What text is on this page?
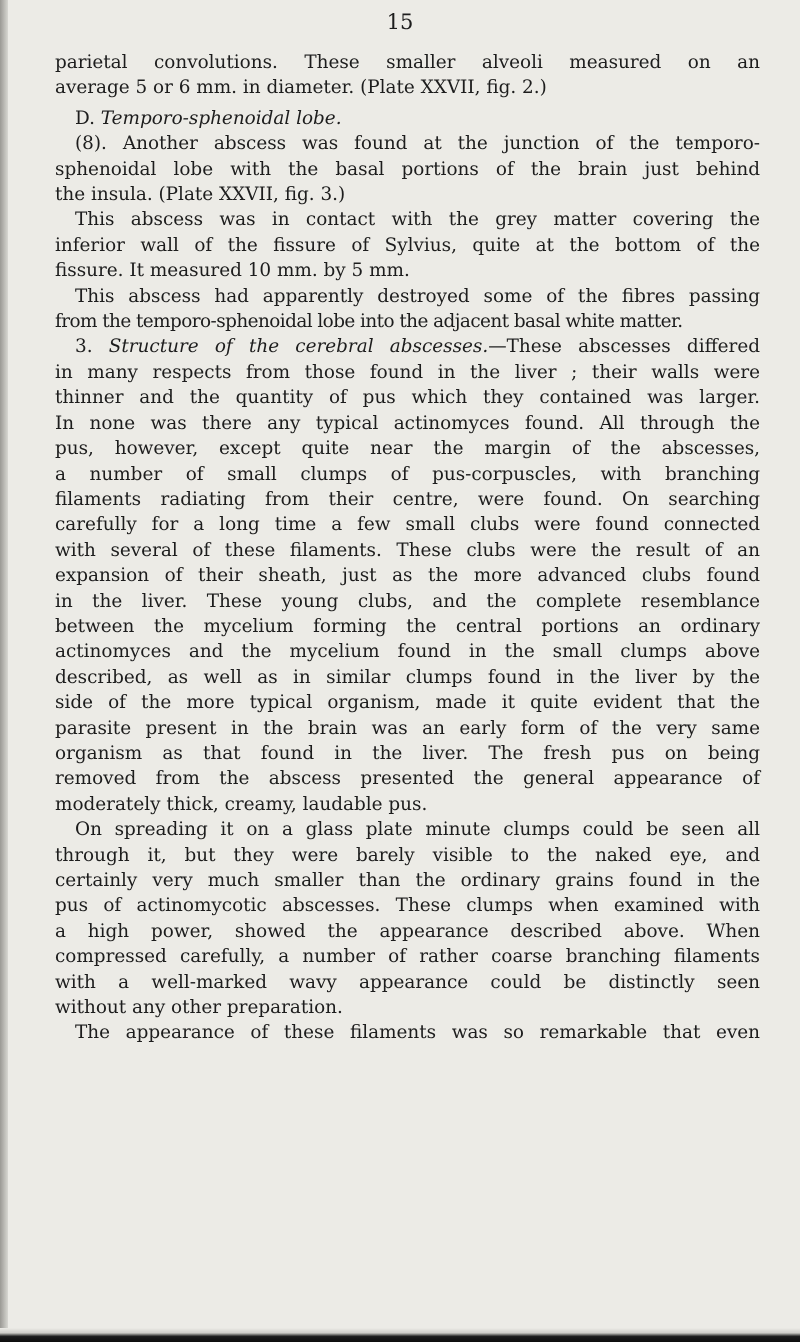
15

parietal convolutions. These smaller alveoli measured on an

average 5 or 6 mm. in diameter. (Plate XXVII, fig. 2.)

D. Temporo-sphenoidal lobe.

(8). Another abscess was found at the junction of the temporo-

sphenoidal lobe with the basal portions of the brain just behind

the insula. (Plate XXVII, fig. 3.)

This abscess was in contact with the grey matter covering the

inferior wall of the fissure of Sylvius, quite at the bottom of the

fissure. It measured 10 mm. by 5 mm.

This abscess had apparently destroyed some of the fibres passing

from the temporo-sphenoidal lobe into the adjacent basal white matter.

3. Structure of the cerebral abscesses.—These abscesses differed

in many respects from those found in the liver ; their walls were

thinner and the quantity of pus which they contained was larger.

In none was there any typical actinomyces found. All through the

pus, however, except quite near the margin of the abscesses,

a number of small clumps of pus-corpuscles, with branching

filaments radiating from their centre, were found. On searching

carefully for a long time a few small clubs were found connected

with several of these filaments. These clubs were the result of an

expansion of their sheath, just as the more advanced clubs found

in the liver. These young clubs, and the complete resemblance

between the mycelium forming the central portions an ordinary

actinomyces and the mycelium found in the small clumps above

described, as well as in similar clumps found in the liver by the

side of the more typical organism, made it quite evident that the

parasite present in the brain was an early form of the very same

organism as that found in the liver. The fresh pus on being

removed from the abscess presented the general appearance of

moderately thick, creamy, laudable pus.

On spreading it on a glass plate minute clumps could be seen all

through it, but they were barely visible to the naked eye, and

certainly very much smaller than the ordinary grains found in the

pus of actinomycotic abscesses. These clumps when examined with

a high power, showed the appearance described above. When

compressed carefully, a number of rather coarse branching filaments

with a well-marked wavy appearance could be distinctly seen

without any other preparation.

The appearance of these filaments was so remarkable that even
